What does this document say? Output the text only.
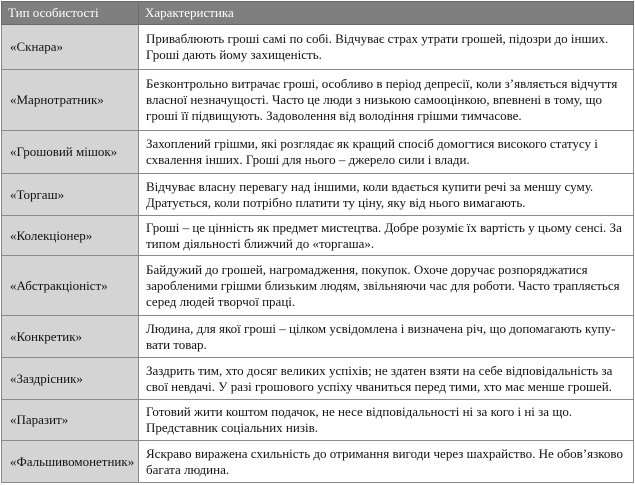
Тип особистості	Характеристика
«Скнара»	Приваблюють гроші самі по собі. Відчуває страх утрати грошей, підозри до інших. Гроші дають йому захищеність.
«Марнотратник»	Безконтрольно витрачає гроші, особливо в період депресії, коли з’являється відчуття власної незначущості. Часто це люди з низькою самооцінкою, впевнені в тому, що гроші її підвищують. Задоволення від володіння грішми тимчасове.
«Грошовий мішок»	Захоплений грішми, які розглядає як кращий спосіб домогтися високого статусу і схвалення інших. Гроші для нього – джерело сили і влади.
«Торгаш»	Відчуває власну перевагу над іншими, коли вдається купити речі за меншу суму. Дратується, коли потрібно платити ту ціну, яку від нього вимагають.
«Колекціонер»	Гроші – це цінність як предмет мистецтва. Добре розуміє їх вартість у цьому сенсі. За типом діяльності ближчий до «торгаша».
«Абстракціоніст»	Байдужий до грошей, нагромадження, покупок. Охоче доручає розпоряджатися заробленими грішми близьким людям, звільняючи час для роботи. Часто трапляється серед людей творчої праці.
«Конкретик»	Людина, для якої гроші – цілком усвідомлена і визначена річ, що допомагають купувати товар.
«Заздрісник»	Заздрить тим, хто досяг великих успіхів; не здатен взяти на себе відповідальність за свої невдачі. У разі грошового успіху чваниться перед тими, хто має менше грошей.
«Паразит»	Готовий жити коштом подачок, не несе відповідальності ні за кого і ні за що. Представник соціальних низів.
«Фальшивомонетник»	Яскраво виражена схильність до отримання вигоди через шахрайство. Не обов’язково багата людина.
